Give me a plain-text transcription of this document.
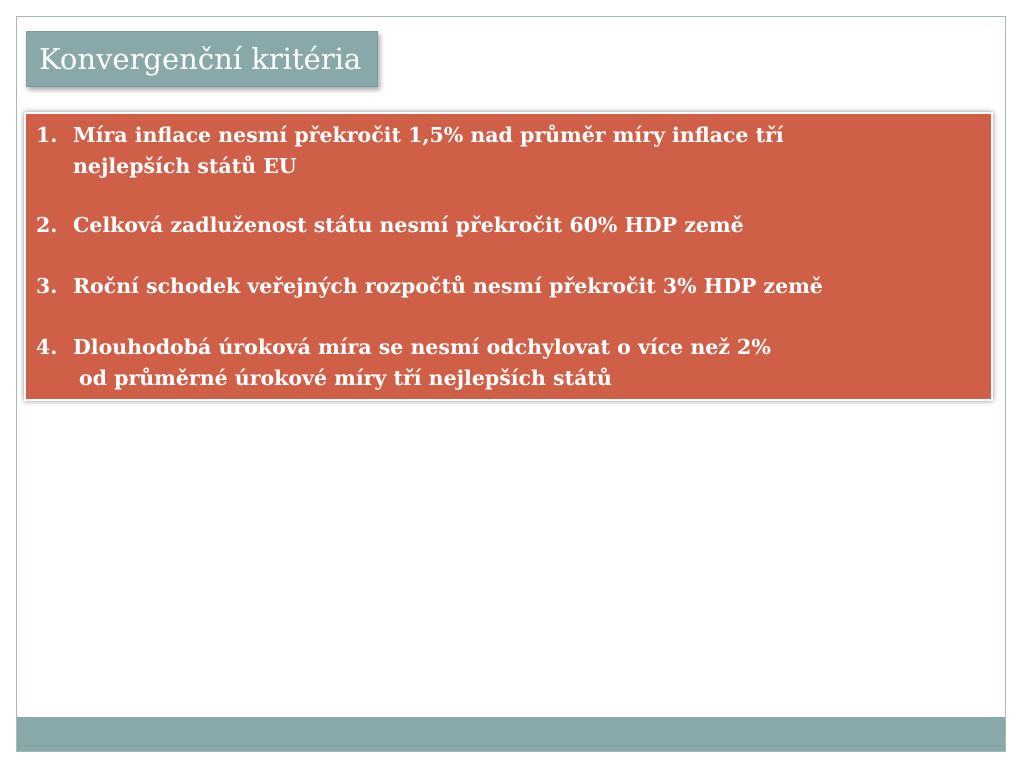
Konvergenční kritéria
1. Míra inflace nesmí překročit 1,5% nad průměr míry inflace tří
nejlepších států EU
2. Celková zadluženost státu nesmí překročit 60% HDP země
3. Roční schodek veřejných rozpočtů nesmí překročit 3% HDP země
4. Dlouhodobá úroková míra se nesmí odchylovat o více než 2%
od průměrné úrokové míry tří nejlepších států
